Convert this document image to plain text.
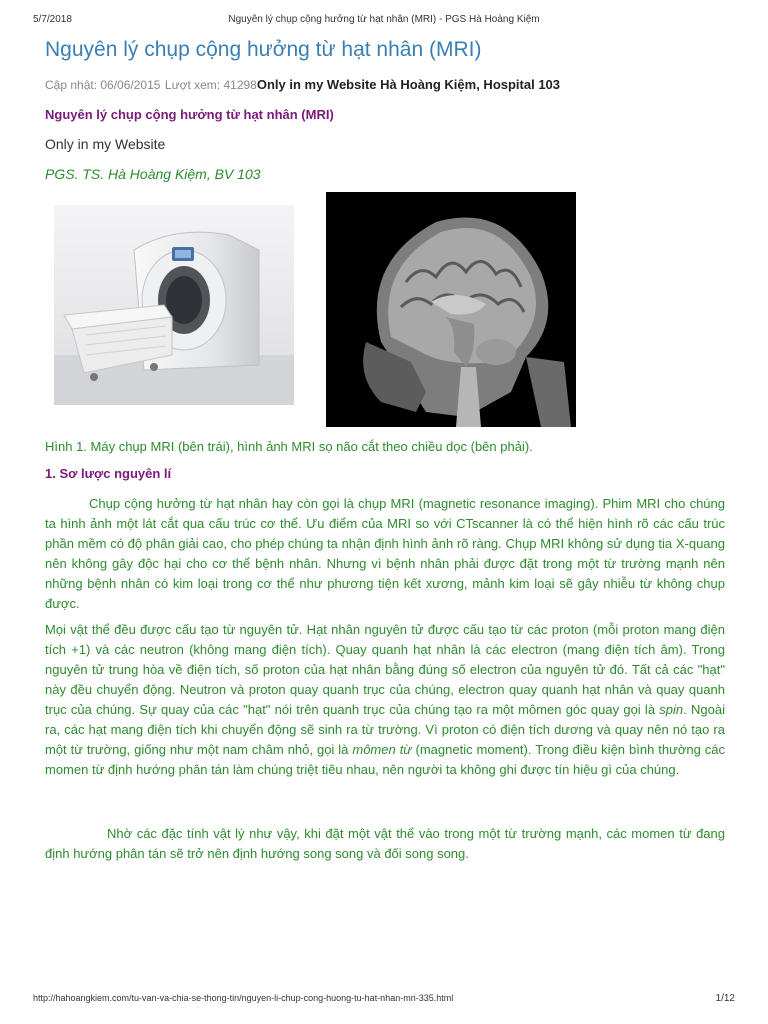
5/7/2018	Nguyên lý chụp cộng hưởng từ hạt nhân (MRI) - PGS Hà Hoàng Kiệm
Nguyên lý chụp cộng hưởng từ hạt nhân (MRI)
Cập nhật: 06/06/2015 Lượt xem: 41298Only in my Website Hà Hoàng Kiệm, Hospital 103
Nguyên lý chụp cộng hưởng từ hạt nhân (MRI)
Only in my Website
PGS. TS. Hà Hoàng Kiệm, BV 103
Hình 1. Máy chụp MRI (bên trái), hình ảnh MRI sọ não cắt theo chiều dọc (bên phải).
1. Sơ lược nguyên lí

Chụp cộng hưởng từ hạt nhân hay còn gọi là chụp MRI (magnetic resonance imaging). Phim MRI cho chúng ta hình ảnh một lát cắt qua cấu trúc cơ thể. Ưu điểm của MRI so với CTscanner là có thể hiện hình rõ các cấu trúc phần mềm có độ phân giải cao, cho phép chúng ta nhận định hình ảnh rõ ràng. Chụp MRI không sử dụng tia X-quang nên không gây độc hại cho cơ thể bệnh nhân. Nhưng vì bệnh nhân phải được đặt trong một từ trường mạnh nên những bệnh nhân có kim loại trong cơ thể như phương tiện kết xương, mảnh kim loại sẽ gây nhiễu từ không chụp được.

Mọi vật thể đều được cấu tạo từ nguyên tử. Hạt nhân nguyên tử được cấu tạo từ các proton (mỗi proton mang điện tích +1) và các neutron (không mang điện tích). Quay quanh hạt nhân là các electron (mang điện tích âm). Trong nguyên tử trung hòa về điện tích, số proton của hạt nhân bằng đúng số electron của nguyên tử đó. Tất cả các "hạt" này đều chuyển động. Neutron và proton quay quanh trục của chúng, electron quay quanh hạt nhân và quay quanh trục của chúng. Sự quay của các "hạt" nói trên quanh trục của chúng tạo ra một mômen góc quay gọi là spin. Ngoài ra, các hạt mang điện tích khi chuyển động sẽ sinh ra từ trường. Vì proton có điện tích dương và quay nên nó tạo ra một từ trường, giống như một nam châm nhỏ, gọi là mômen từ (magnetic moment). Trong điều kiện bình thường các momen từ định hướng phân tán làm chúng triệt tiêu nhau, nên người ta không ghi được tín hiệu gì của chúng.

Nhờ các đặc tính vật lý như vậy, khi đặt một vật thể vào trong một từ trường mạnh, các momen từ đang định hướng phân tán sẽ trở nên định hướng song song và đối song song.

http://hahoangkiem.com/tu-van-va-chia-se-thong-tin/nguyen-li-chup-cong-huong-tu-hat-nhan-mri-335.html	1/12
